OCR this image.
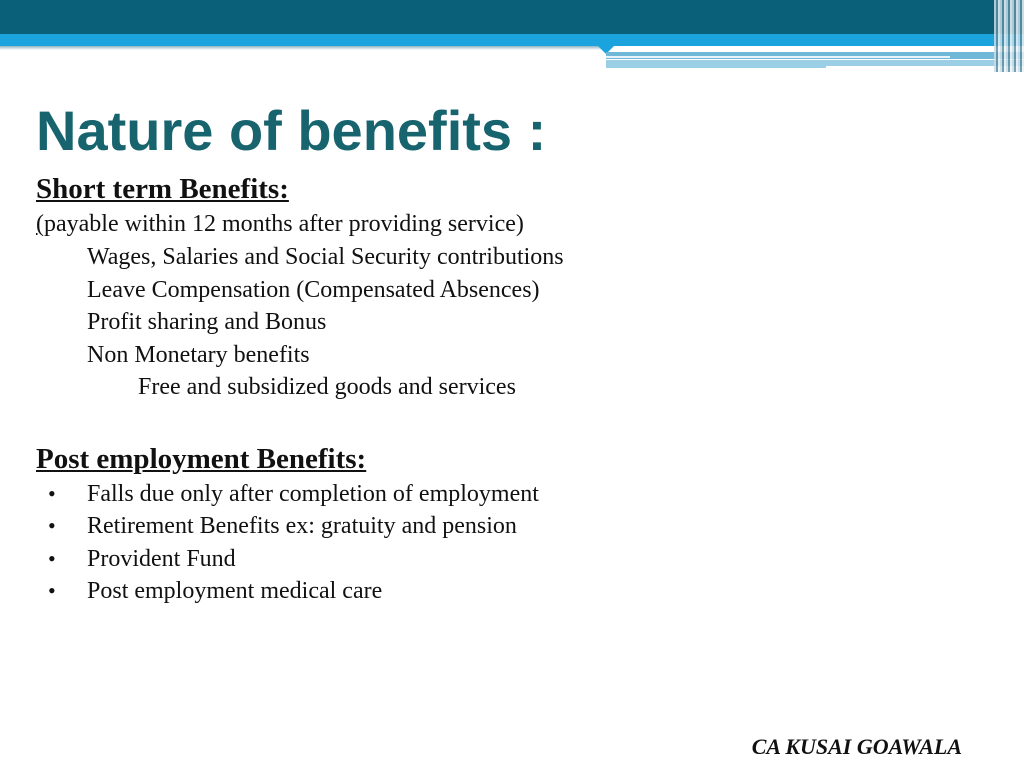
Nature of benefits :
Short term Benefits:
(payable within 12 months after providing service)
Wages, Salaries and Social Security contributions
Leave Compensation (Compensated Absences)
Profit sharing and Bonus
Non Monetary benefits
Free and subsidized goods and services
Post employment Benefits:
• Falls due only after completion of employment
• Retirement Benefits ex: gratuity and pension
• Provident Fund
• Post employment medical care
CA KUSAI GOAWALA
